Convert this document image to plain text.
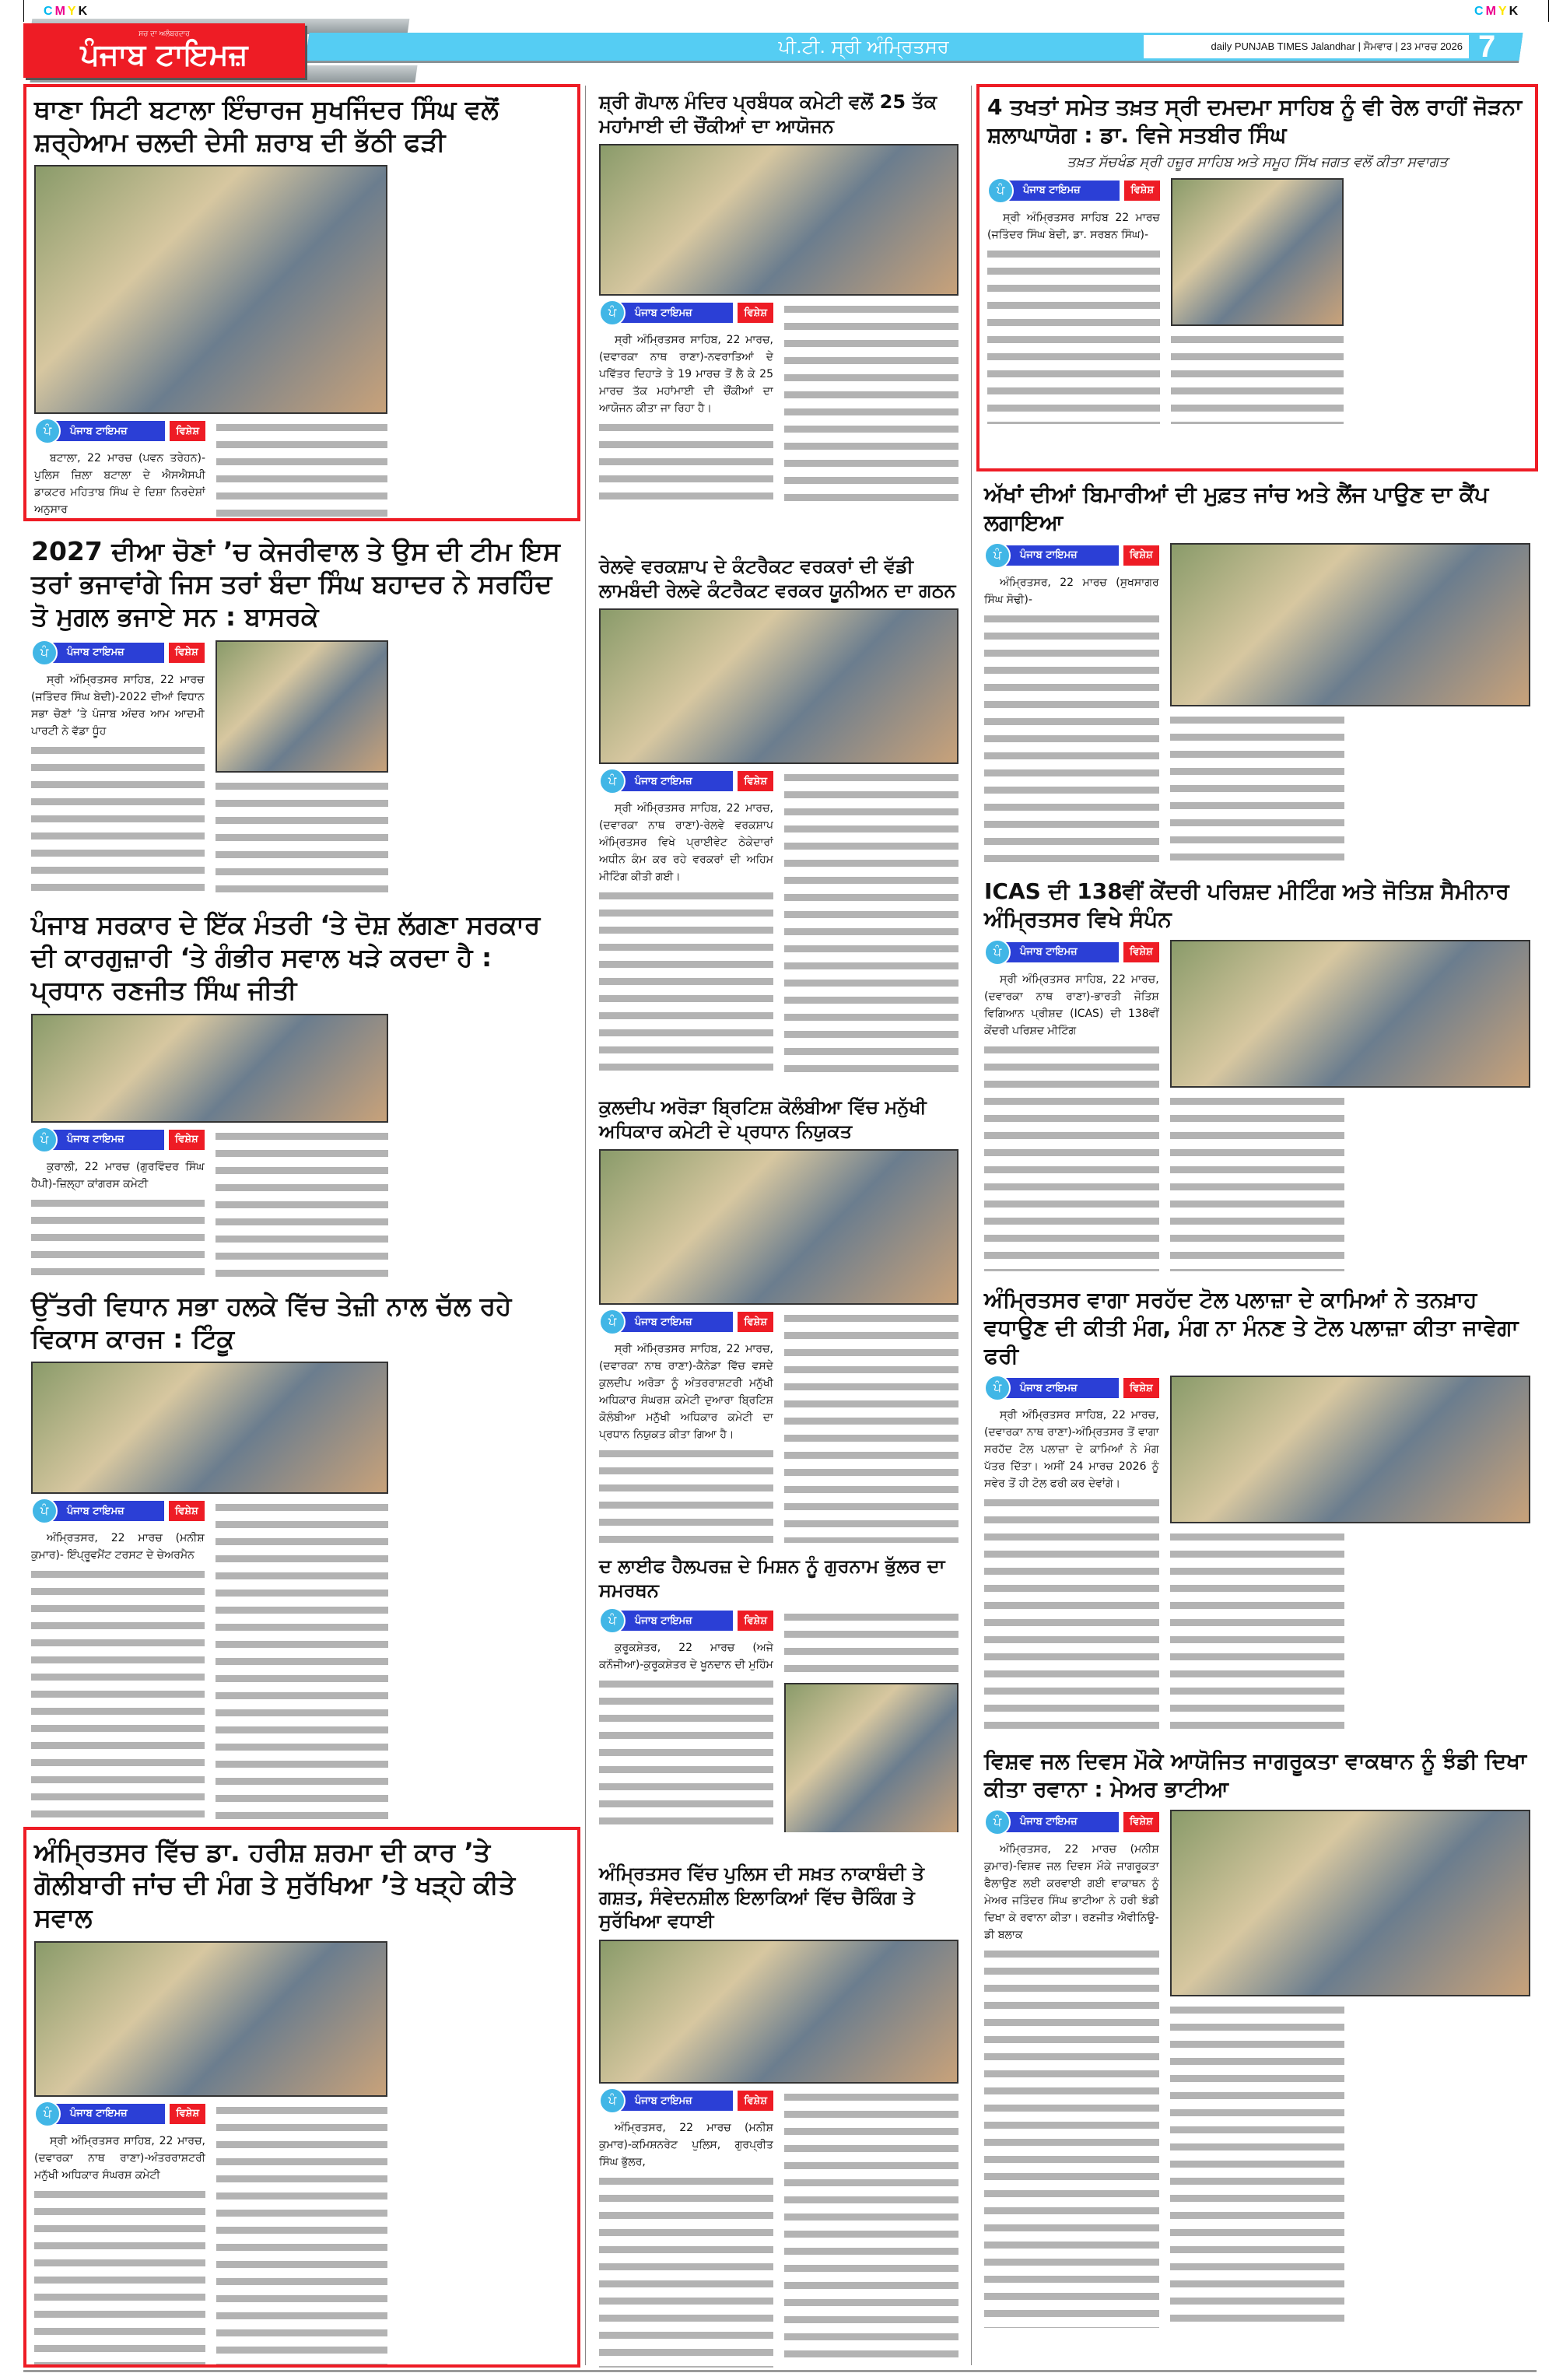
CMYK	CMYK
ਸਚ ਦਾ ਅਲੰਬਰਦਾਰ
ਪੰਜਾਬ ਟਾਇਮਜ਼	ਪੀ.ਟੀ. ਸ੍ਰੀ ਅੰਮ੍ਰਿਤਸਰ	daily PUNJAB TIMES Jalandhar | ਸੋਮਵਾਰ | 23 ਮਾਰਚ 2026 7
ਥਾਣਾ ਸਿਟੀ ਬਟਾਲਾ ਇੰਚਾਰਜ ਸੁਖਜਿੰਦਰ ਸਿੰਘ ਵਲੋਂ ਸ਼ਰ੍ਹੇਆਮ ਚਲਦੀ ਦੇਸੀ ਸ਼ਰਾਬ ਦੀ ਭੱਠੀ ਫੜੀ
ਪੰ	ਪੰਜਾਬ ਟਾਇਮਜ਼	ਵਿਸ਼ੇਸ਼

ਬਟਾਲਾ, 22 ਮਾਰਚ (ਪਵਨ ਤਰੇਹਨ)-ਪੁਲਿਸ ਜ਼ਿਲਾ ਬਟਾਲਾ ਦੇ ਐਸਐਸਪੀ ਡਾਕਟਰ ਮਹਿਤਾਬ ਸਿੰਘ ਦੇ ਦਿਸ਼ਾ ਨਿਰਦੇਸ਼ਾਂ ਅਨੁਸਾਰ

ਸ਼੍ਰੀ ਗੋਪਾਲ ਮੰਦਿਰ ਪ੍ਰਬੰਧਕ ਕਮੇਟੀ ਵਲੋਂ 25 ਤੱਕ ਮਹਾਂਮਾਈ ਦੀ ਚੌਂਕੀਆਂ ਦਾ ਆਯੋਜਨ
ਪੰ	ਪੰਜਾਬ ਟਾਇਮਜ਼	ਵਿਸ਼ੇਸ਼

ਸ੍ਰੀ ਅੰਮ੍ਰਿਤਸਰ ਸਾਹਿਬ, 22 ਮਾਰਚ, (ਦਵਾਰਕਾ ਨਾਥ ਰਾਣਾ)-ਨਵਰਾਤਿਆਂ ਦੇ ਪਵਿੱਤਰ ਦਿਹਾੜੇ ਤੇ 19 ਮਾਰਚ ਤੋਂ ਲੈ ਕੇ 25 ਮਾਰਚ ਤੱਕ ਮਹਾਂਮਾਈ ਦੀ ਚੌਂਕੀਆਂ ਦਾ ਆਯੋਜਨ ਕੀਤਾ ਜਾ ਰਿਹਾ ਹੈ।

4 ਤਖਤਾਂ ਸਮੇਤ ਤਖ਼ਤ ਸ੍ਰੀ ਦਮਦਮਾ ਸਾਹਿਬ ਨੂੰ ਵੀ ਰੇਲ ਰਾਹੀਂ ਜੋੜਨਾ ਸ਼ਲਾਘਾਯੋਗ : ਡਾ. ਵਿਜੇ ਸਤਬੀਰ ਸਿੰਘ
ਤਖ਼ਤ ਸੱਚਖੰਡ ਸ੍ਰੀ ਹਜ਼ੂਰ ਸਾਹਿਬ ਅਤੇ ਸਮੂਹ ਸਿੱਖ ਜਗਤ ਵਲੋਂ ਕੀਤਾ ਸਵਾਗਤ
ਪੰ	ਪੰਜਾਬ ਟਾਇਮਜ਼	ਵਿਸ਼ੇਸ਼

ਸ੍ਰੀ ਅੰਮ੍ਰਿਤਸਰ ਸਾਹਿਬ 22 ਮਾਰਚ (ਜਤਿੰਦਰ ਸਿੰਘ ਬੇਦੀ, ਡਾ. ਸਰਬਨ ਸਿੰਘ)-

2027 ਦੀਆ ਚੋਣਾਂ ’ਚ ਕੇਜਰੀਵਾਲ ਤੇ ਉਸ ਦੀ ਟੀਮ ਇਸ ਤਰਾਂ ਭਜਾਵਾਂਗੇ ਜਿਸ ਤਰਾਂ ਬੰਦਾ ਸਿੰਘ ਬਹਾਦਰ ਨੇ ਸਰਹਿੰਦ ਤੋ ਮੁਗਲ ਭਜਾਏ ਸਨ : ਬਾਸਰਕੇ
ਪੰ	ਪੰਜਾਬ ਟਾਇਮਜ਼	ਵਿਸ਼ੇਸ਼

ਸ੍ਰੀ ਅੰਮ੍ਰਿਤਸਰ ਸਾਹਿਬ, 22 ਮਾਰਚ (ਜਤਿੰਦਰ ਸਿੰਘ ਬੇਦੀ)-2022 ਦੀਆਂ ਵਿਧਾਨ ਸਭਾ ਚੋਣਾਂ ’ਤੇ ਪੰਜਾਬ ਅੰਦਰ ਆਮ ਆਦਮੀ ਪਾਰਟੀ ਨੇ ਵੱਡਾ ਧੂੰਹ

ਰੇਲਵੇ ਵਰਕਸ਼ਾਪ ਦੇ ਕੰਟਰੈਕਟ ਵਰਕਰਾਂ ਦੀ ਵੱਡੀ ਲਾਮਬੰਦੀ ਰੇਲਵੇ ਕੰਟਰੈਕਟ ਵਰਕਰ ਯੂਨੀਅਨ ਦਾ ਗਠਨ
ਪੰ	ਪੰਜਾਬ ਟਾਇਮਜ਼	ਵਿਸ਼ੇਸ਼

ਸ੍ਰੀ ਅੰਮ੍ਰਿਤਸਰ ਸਾਹਿਬ, 22 ਮਾਰਚ, (ਦਵਾਰਕਾ ਨਾਥ ਰਾਣਾ)-ਰੇਲਵੇ ਵਰਕਸ਼ਾਪ ਅੰਮ੍ਰਿਤਸਰ ਵਿਖੇ ਪ੍ਰਾਈਵੇਟ ਠੇਕੇਦਾਰਾਂ ਅਧੀਨ ਕੰਮ ਕਰ ਰਹੇ ਵਰਕਰਾਂ ਦੀ ਅਹਿਮ ਮੀਟਿੰਗ ਕੀਤੀ ਗਈ।

ਅੱਖਾਂ ਦੀਆਂ ਬਿਮਾਰੀਆਂ ਦੀ ਮੁਫ਼ਤ ਜਾਂਚ ਅਤੇ ਲੈਂਜ ਪਾਉਣ ਦਾ ਕੈਂਪ ਲਗਾਇਆ
ਪੰ	ਪੰਜਾਬ ਟਾਇਮਜ਼	ਵਿਸ਼ੇਸ਼

ਅੰਮ੍ਰਿਤਸਰ, 22 ਮਾਰਚ (ਸੁਖਸਾਗਰ ਸਿੰਘ ਸੋਢੀ)-

ਪੰਜਾਬ ਸਰਕਾਰ ਦੇ ਇੱਕ ਮੰਤਰੀ ‘ਤੇ ਦੋਸ਼ ਲੱਗਣਾ ਸਰਕਾਰ ਦੀ ਕਾਰਗੁਜ਼ਾਰੀ ‘ਤੇ ਗੰਭੀਰ ਸਵਾਲ ਖੜੇ ਕਰਦਾ ਹੈ : ਪ੍ਰਧਾਨ ਰਣਜੀਤ ਸਿੰਘ ਜੀਤੀ
ਪੰ	ਪੰਜਾਬ ਟਾਇਮਜ਼	ਵਿਸ਼ੇਸ਼

ਕੁਰਾਲੀ, 22 ਮਾਰਚ (ਗੁਰਵਿੰਦਰ ਸਿੰਘ ਹੈਪੀ)-ਜ਼ਿਲ੍ਹਾ ਕਾਂਗਰਸ ਕਮੇਟੀ

ਕੁਲਦੀਪ ਅਰੋੜਾ ਬ੍ਰਿਟਿਸ਼ ਕੋਲੰਬੀਆ ਵਿੱਚ ਮਨੁੱਖੀ ਅਧਿਕਾਰ ਕਮੇਟੀ ਦੇ ਪ੍ਰਧਾਨ ਨਿਯੁਕਤ
ਪੰ	ਪੰਜਾਬ ਟਾਇਮਜ਼	ਵਿਸ਼ੇਸ਼

ਸ੍ਰੀ ਅੰਮ੍ਰਿਤਸਰ ਸਾਹਿਬ, 22 ਮਾਰਚ, (ਦਵਾਰਕਾ ਨਾਥ ਰਾਣਾ)-ਕੈਨੇਡਾ ਵਿੱਚ ਵਸਦੇ ਕੁਲਦੀਪ ਅਰੋੜਾ ਨੂੰ ਅੰਤਰਰਾਸ਼ਟਰੀ ਮਨੁੱਖੀ ਅਧਿਕਾਰ ਸੰਘਰਸ਼ ਕਮੇਟੀ ਦੁਆਰਾ ਬ੍ਰਿਟਿਸ਼ ਕੋਲੰਬੀਆ ਮਨੁੱਖੀ ਅਧਿਕਾਰ ਕਮੇਟੀ ਦਾ ਪ੍ਰਧਾਨ ਨਿਯੁਕਤ ਕੀਤਾ ਗਿਆ ਹੈ।

ICAS ਦੀ 138ਵੀਂ ਕੇਂਦਰੀ ਪਰਿਸ਼ਦ ਮੀਟਿੰਗ ਅਤੇ ਜੋਤਿਸ਼ ਸੈਮੀਨਾਰ ਅੰਮ੍ਰਿਤਸਰ ਵਿਖੇ ਸੰਪੰਨ
ਪੰ	ਪੰਜਾਬ ਟਾਇਮਜ਼	ਵਿਸ਼ੇਸ਼

ਸ੍ਰੀ ਅੰਮ੍ਰਿਤਸਰ ਸਾਹਿਬ, 22 ਮਾਰਚ, (ਦਵਾਰਕਾ ਨਾਥ ਰਾਣਾ)-ਭਾਰਤੀ ਜੋਤਿਸ਼ ਵਿਗਿਆਨ ਪ੍ਰੀਸ਼ਦ (ICAS) ਦੀ 138ਵੀਂ ਕੇਂਦਰੀ ਪਰਿਸ਼ਦ ਮੀਟਿੰਗ

ਉੱਤਰੀ ਵਿਧਾਨ ਸਭਾ ਹਲਕੇ ਵਿੱਚ ਤੇਜ਼ੀ ਨਾਲ ਚੱਲ ਰਹੇ ਵਿਕਾਸ ਕਾਰਜ : ਟਿੰਕੂ
ਪੰ	ਪੰਜਾਬ ਟਾਇਮਜ਼	ਵਿਸ਼ੇਸ਼

ਅੰਮ੍ਰਿਤਸਰ, 22 ਮਾਰਚ (ਮਨੀਸ਼ ਕੁਮਾਰ)- ਇੰਪ੍ਰੂਵਮੈਂਟ ਟਰਸਟ ਦੇ ਚੇਅਰਮੈਨ	ਦ ਲਾਈਫ ਹੈਲਪਰਜ਼ ਦੇ ਮਿਸ਼ਨ ਨੂੰ ਗੁਰਨਾਮ ਭੁੱਲਰ ਦਾ ਸਮਰਥਨ
ਪੰ	ਪੰਜਾਬ ਟਾਇਮਜ਼	ਵਿਸ਼ੇਸ਼

ਕੁਰੂਕਸ਼ੇਤਰ, 22 ਮਾਰਚ (ਅਜੇ ਕਨੌਜੀਆ)-ਕੁਰੂਕਸ਼ੇਤਰ ਦੇ ਖੂਨਦਾਨ ਦੀ ਮੁਹਿੰਮ

ਅੰਮ੍ਰਿਤਸਰ ਵਾਗਾ ਸਰਹੱਦ ਟੋਲ ਪਲਾਜ਼ਾ ਦੇ ਕਾਮਿਆਂ ਨੇ ਤਨਖ਼ਾਹ ਵਧਾਉਣ ਦੀ ਕੀਤੀ ਮੰਗ, ਮੰਗ ਨਾ ਮੰਨਣ ਤੇ ਟੋਲ ਪਲਾਜ਼ਾ ਕੀਤਾ ਜਾਵੇਗਾ ਫਰੀ
ਪੰ	ਪੰਜਾਬ ਟਾਇਮਜ਼	ਵਿਸ਼ੇਸ਼

ਸ੍ਰੀ ਅੰਮ੍ਰਿਤਸਰ ਸਾਹਿਬ, 22 ਮਾਰਚ, (ਦਵਾਰਕਾ ਨਾਥ ਰਾਣਾ)-ਅੰਮ੍ਰਿਤਸਰ ਤੋਂ ਵਾਗਾ ਸਰਹੱਦ ਟੋਲ ਪਲਾਜ਼ਾ ਦੇ ਕਾਮਿਆਂ ਨੇ ਮੰਗ ਪੱਤਰ ਦਿੱਤਾ। ਅਸੀਂ 24 ਮਾਰਚ 2026 ਨੂੰ ਸਵੇਰ ਤੋਂ ਹੀ ਟੋਲ ਫਰੀ ਕਰ ਦੇਵਾਂਗੇ।

ਅੰਮ੍ਰਿਤਸਰ ਵਿੱਚ ਡਾ. ਹਰੀਸ਼ ਸ਼ਰਮਾ ਦੀ ਕਾਰ ’ਤੇ ਗੋਲੀਬਾਰੀ ਜਾਂਚ ਦੀ ਮੰਗ ਤੇ ਸੁਰੱਖਿਆ ’ਤੇ ਖੜ੍ਹੇ ਕੀਤੇ ਸਵਾਲ
ਪੰ	ਪੰਜਾਬ ਟਾਇਮਜ਼	ਵਿਸ਼ੇਸ਼

ਸ੍ਰੀ ਅੰਮ੍ਰਿਤਸਰ ਸਾਹਿਬ, 22 ਮਾਰਚ, (ਦਵਾਰਕਾ ਨਾਥ ਰਾਣਾ)-ਅੰਤਰਰਾਸ਼ਟਰੀ ਮਨੁੱਖੀ ਅਧਿਕਾਰ ਸੰਘਰਸ਼ ਕਮੇਟੀ

ਅੰਮ੍ਰਿਤਸਰ ਵਿੱਚ ਪੁਲਿਸ ਦੀ ਸਖ਼ਤ ਨਾਕਾਬੰਦੀ ਤੇ ਗਸ਼ਤ, ਸੰਵੇਦਨਸ਼ੀਲ ਇਲਾਕਿਆਂ ਵਿੱਚ ਚੈਕਿੰਗ ਤੇ ਸੁਰੱਖਿਆ ਵਧਾਈ
ਪੰ	ਪੰਜਾਬ ਟਾਇਮਜ਼	ਵਿਸ਼ੇਸ਼

ਅੰਮ੍ਰਿਤਸਰ, 22 ਮਾਰਚ (ਮਨੀਸ਼ ਕੁਮਾਰ)-ਕਮਿਸ਼ਨਰੇਟ ਪੁਲਿਸ, ਗੁਰਪ੍ਰੀਤ ਸਿੰਘ ਭੁੱਲਰ,

ਵਿਸ਼ਵ ਜਲ ਦਿਵਸ ਮੌਕੇ ਆਯੋਜਿਤ ਜਾਗਰੂਕਤਾ ਵਾਕਥਾਨ ਨੂੰ ਝੰਡੀ ਦਿਖਾ ਕੀਤਾ ਰਵਾਨਾ : ਮੇਅਰ ਭਾਟੀਆ
ਪੰ	ਪੰਜਾਬ ਟਾਇਮਜ਼	ਵਿਸ਼ੇਸ਼

ਅੰਮ੍ਰਿਤਸਰ, 22 ਮਾਰਚ (ਮਨੀਸ਼ ਕੁਮਾਰ)-ਵਿਸ਼ਵ ਜਲ ਦਿਵਸ ਮੌਕੇ ਜਾਗਰੂਕਤਾ ਫੈਲਾਉਣ ਲਈ ਕਰਵਾਈ ਗਈ ਵਾਕਾਥਨ ਨੂੰ ਮੇਅਰ ਜਤਿੰਦਰ ਸਿੰਘ ਭਾਟੀਆ ਨੇ ਹਰੀ ਝੰਡੀ ਦਿਖਾ ਕੇ ਰਵਾਨਾ ਕੀਤਾ। ਰਣਜੀਤ ਐਵੀਨਿਊ-ਡੀ ਬਲਾਕ
